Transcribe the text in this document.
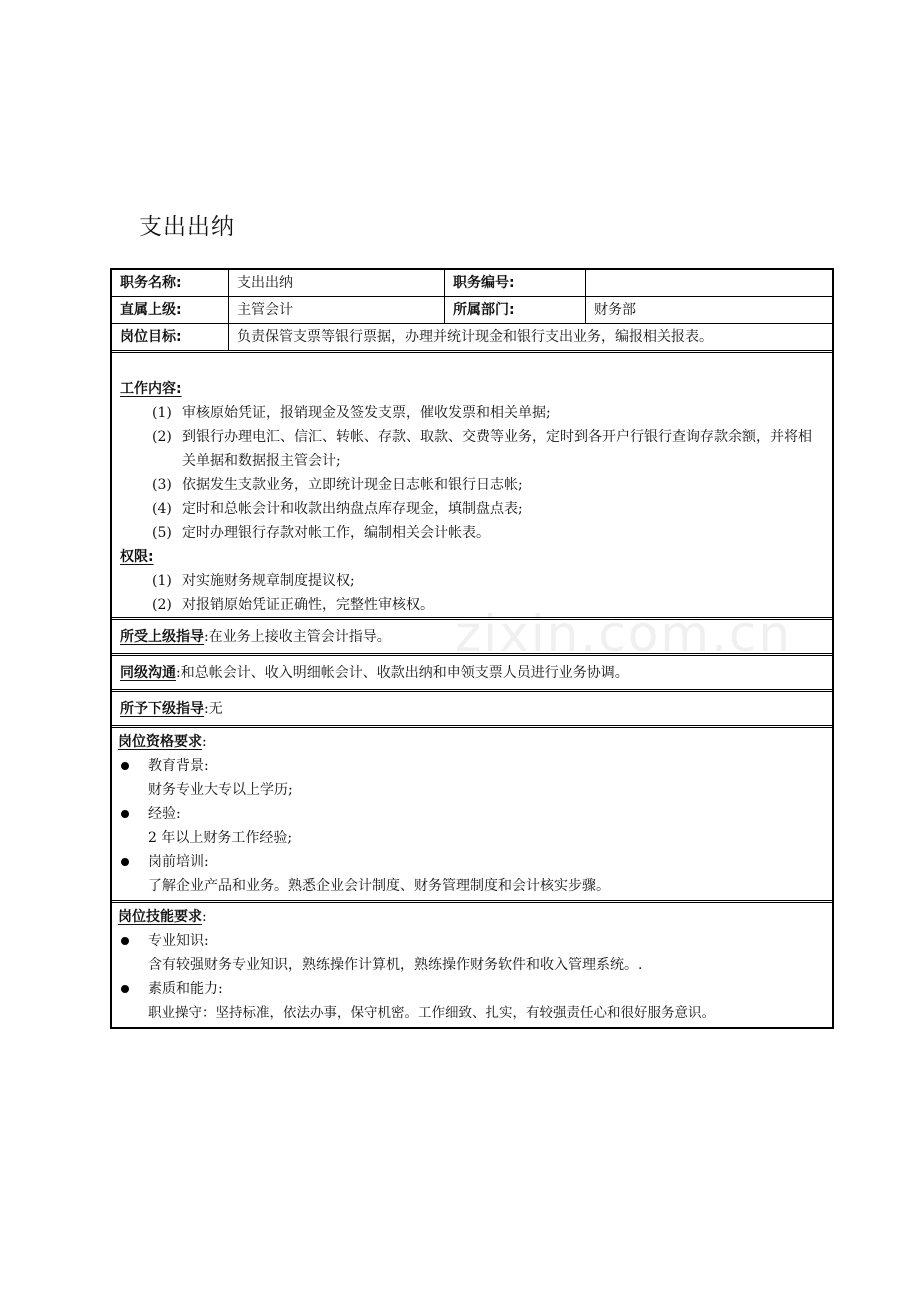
支出出纳
zixin.com.cn
职务名称:	支出出纳	职务编号:
直属上级:	主管会计	所属部门:	财务部
岗位目标:	负责保管支票等银行票据，办理并统计现金和银行支出业务，编报相关报表。
工作内容:
(1) 审核原始凭证，报销现金及签发支票，催收发票和相关单据;
(2) 到银行办理电汇、信汇、转帐、存款、取款、交费等业务，定时到各开户行银行查询存款余额，并将相关单据和数据报主管会计;
(3) 依据发生支款业务，立即统计现金日志帐和银行日志帐;
(4) 定时和总帐会计和收款出纳盘点库存现金，填制盘点表;
(5) 定时办理银行存款对帐工作，编制相关会计帐表。
权限:
(1) 对实施财务规章制度提议权;
(2) 对报销原始凭证正确性，完整性审核权。
所受上级指导 : 在业务上接收主管会计指导。
同级沟通 : 和总帐会计、收入明细帐会计、收款出纳和申领支票人员进行业务协调。
所予下级指导 : 无
岗位资格要求:
教育背景:
财务专业大专以上学历;
经验:
2 年以上财务工作经验;
岗前培训:
了解企业产品和业务。熟悉企业会计制度、财务管理制度和会计核实步骤。
岗位技能要求:
专业知识:
含有较强财务专业知识，熟练操作计算机，熟练操作财务软件和收入管理系统。.
素质和能力:
职业操守：坚持标准，依法办事，保守机密。工作细致、扎实，有较强责任心和很好服务意识。
